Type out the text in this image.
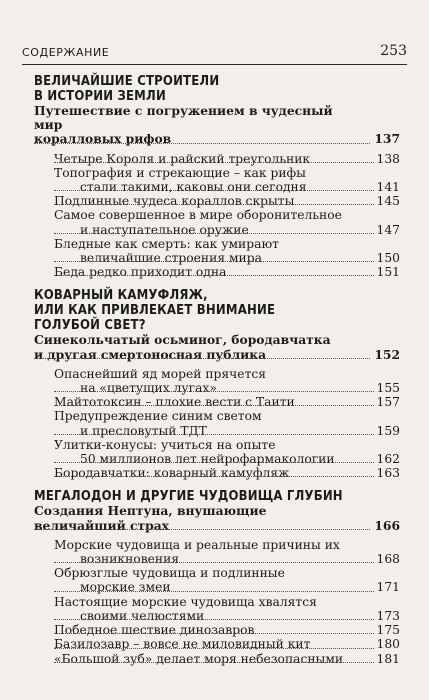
СОДЕРЖАНИЕ	253
ВЕЛИЧАЙШИЕ СТРОИТЕЛИ
В ИСТОРИИ ЗЕМЛИ
Путешествие с погружением в чудесный мир
коралловых рифов	137
Четыре Короля и райский треугольник	138
Топография и стрекающие – как рифы
стали такими, каковы они сегодня	141
Подлинные чудеса кораллов скрыты	145
Самое совершенное в мире оборонительное
и наступательное оружие	147
Бледные как смерть: как умирают
величайшие строения мира	150
Беда редко приходит одна	151
КОВАРНЫЙ КАМУФЛЯЖ,
ИЛИ КАК ПРИВЛЕКАЕТ ВНИМАНИЕ
ГОЛУБОЙ СВЕТ?
Синекольчатый осьминог, бородавчатка
и другая смертоносная публика	152
Опаснейший яд морей прячется
на «цветущих лугах»	155
Майтотоксин – плохие вести с Таити	157
Предупреждение синим светом
и пресловутый ТДТ	159
Улитки-конусы: учиться на опыте
50 миллионов лет нейрофармакологии	162
Бородавчатки: коварный камуфляж	163
МЕГАЛОДОН И ДРУГИЕ ЧУДОВИЩА ГЛУБИН
Создания Нептуна, внушающие
величайший страх	166
Морские чудовища и реальные причины их
возникновения	168
Обрюзглые чудовища и подлинные
морские змеи	171
Настоящие морские чудовища хвалятся
своими челюстями	173
Победное шествие динозавров	175
Базилозавр – вовсе не миловидный кит	180
«Большой зуб» делает моря небезопасными	181
